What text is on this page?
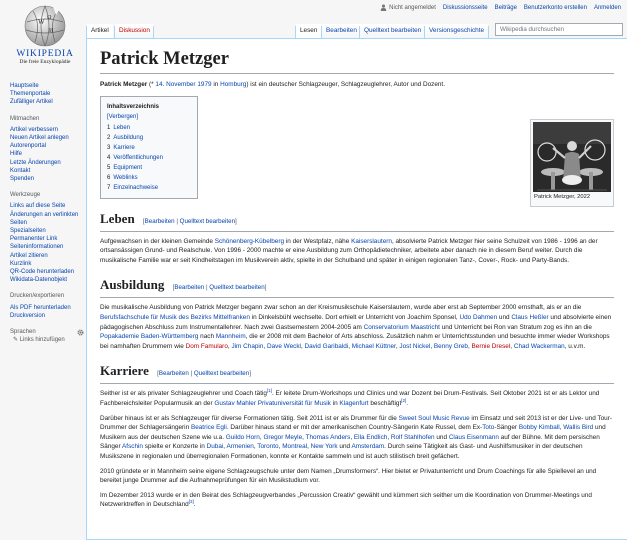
Nicht angemeldet Diskussionsseite Beiträge Benutzerkonto erstellen Anmelden
W Ω
И
WIKIPEDIA
Die freie Enzyklopädie
Hauptseite
Themenportale
Zufälliger Artikel
Mitmachen
Artikel verbessern
Neuen Artikel anlegen
Autorenportal
Hilfe
Letzte Änderungen
Kontakt
Spenden
Werkzeuge
Links auf diese Seite
Änderungen an verlinkten Seiten
Spezialseiten
Permanenter Link
Seiteninformationen
Artikel zitieren
Kurzlink
QR-Code herunterladen
Wikidata-Datenobjekt
Drucken/exportieren
Als PDF herunterladen
Druckversion
Sprachen
✎ Links hinzufügen
Artikel	Diskussion	Lesen	Bearbeiten	Quelltext bearbeiten	Versionsgeschichte	Wikipedia durchsuchen
Patrick Metzger

Patrick Metzger (* 14. November 1979 in Homburg) ist ein deutscher Schlagzeuger, Schlagzeuglehrer, Autor und Dozent.

Inhaltsverzeichnis [Verbergen]
1 Leben
2 Ausbildung
3 Karriere
4 Veröffentlichungen
5 Equipment
6 Weblinks
7 Einzelnachweise
Patrick Metzger, 2022
Leben [Bearbeiten | Quelltext bearbeiten]

Aufgewachsen in der kleinen Gemeinde Schönenberg-Kübelberg in der Westpfalz, nähe Kaiserslautern, absolvierte Patrick Metzger hier seine Schulzeit von 1986 - 1996 an der ortsansässigen Grund- und Realschule. Von 1996 - 2000 machte er eine Ausbildung zum Orthopädietechniker, arbeitete aber danach nie in diesem Beruf weiter. Durch die musikalische Familie war er seit Kindheitstagen im Musikverein aktiv, spielte in der Schulband und später in einigen regionalen Tanz-, Cover-, Rock- und Party-Bands.

Ausbildung [Bearbeiten | Quelltext bearbeiten]

Die musikalische Ausbildung von Patrick Metzger begann zwar schon an der Kreismusikschule Kaiserslautern, wurde aber erst ab September 2000 ernsthaft, als er an die Berufsfachschule für Musik des Bezirks Mittelfranken in Dinkelsbühl wechselte. Dort erhielt er Unterricht von Joachim Sponsel, Udo Dahmen und Claus Heßler und absolvierte einen pädagogischen Abschluss zum Instrumentallehrer. Nach zwei Gastsemestern 2004-2005 am Conservatorium Maastricht und Unterricht bei Ron van Stratum zog es ihn an die Popakademie Baden-Württemberg nach Mannheim, die er 2008 mit dem Bachelor of Arts abschloss. Zusätzlich nahm er Unterrichtsstunden und besuchte immer wieder Workshops bei namhaften Drummern wie Dom Famularo, Jim Chapin, Dave Weckl, David Garibaldi, Michael Küttner, Jost Nickel, Benny Greb, Bernie Dresel, Chad Wackerman, u.v.m.

Karriere [Bearbeiten | Quelltext bearbeiten]

Seither ist er als privater Schlagzeuglehrer und Coach tätig[1]. Er leitete Drum-Workshops und Clinics und war Dozent bei Drum-Festivals. Seit Oktober 2021 ist er als Lektor und Fachbereichsleiter Popularmusik an der Gustav Mahler Privatuniversität für Musik in Klagenfurt beschäftigt[2].

Darüber hinaus ist er als Schlagzeuger für diverse Formationen tätig. Seit 2011 ist er als Drummer für die Sweet Soul Music Revue im Einsatz und seit 2013 ist er der Live- und Tour-Drummer der Schlagersängerin Beatrice Egli. Darüber hinaus stand er mit der amerikanischen Country-Sängerin Kate Russel, dem Ex-Toto-Sänger Bobby Kimball, Wallis Bird und Musikern aus der deutschen Szene wie u.a. Guildo Horn, Gregor Meyle, Thomas Anders, Ella Endlich, Rolf Stahlhofen und Claus Eisenmann auf der Bühne. Mit dem persischen Sänger Afschin spielte er Konzerte in Dubai, Armenien, Toronto, Montreal, New York und Amsterdam. Durch seine Tätigkeit als Gast- und Aushilfsmusiker in der deutschen Musikszene in regionalen und überregionalen Formationen, konnte er Kontakte sammeln und ist auch stilistisch breit gefächert.

2010 gründete er in Mannheim seine eigene Schlagzeugschule unter dem Namen „Drumsformers“. Hier bietet er Privatunterricht und Drum Coachings für alle Spiellevel an und bereitet junge Drummer auf die Aufnahmeprüfungen für ein Musikstudium vor.

Im Dezember 2013 wurde er in den Beirat des Schlagzeugverbandes „Percussion Creativ“ gewählt und kümmert sich seither um die Koordination von Drummer-Meetings und Netzwerktreffen in Deutschland[3].
